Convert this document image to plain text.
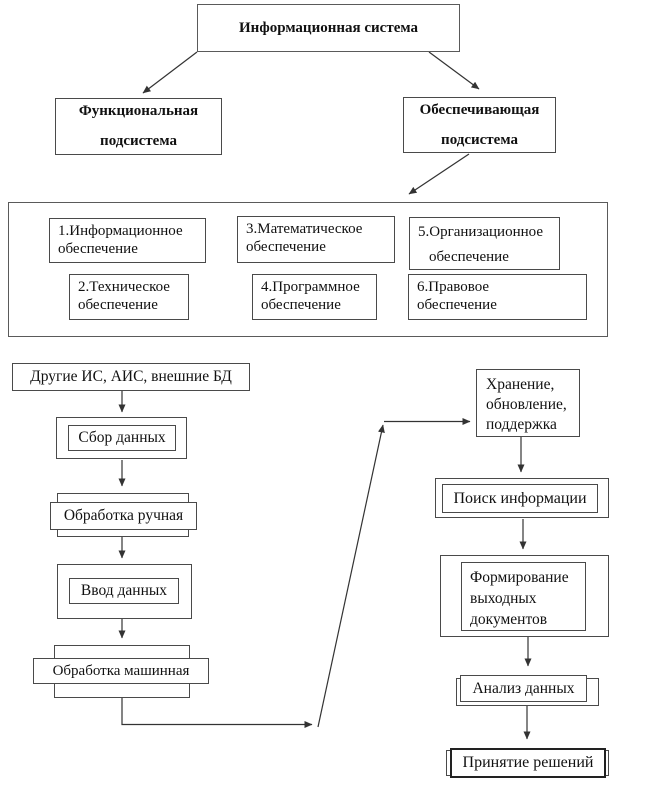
Информационная система
Функциональная
подсистема
Обеспечивающая
подсистема
1.Информационное
обеспечение
2.Техническое
обеспечение
3.Математическое
обеспечение
4.Программное
обеспечение
5.Организационное
обеспечение
6.Правовое
обеспечение
Другие ИС, АИС, внешние БД
Сбор данных
Обработка ручная
Ввод данных
Обработка машинная
Хранение,
обновление,
поддержка
Поиск информации
Формирование
выходных
документов
Анализ данных
Принятие решений
